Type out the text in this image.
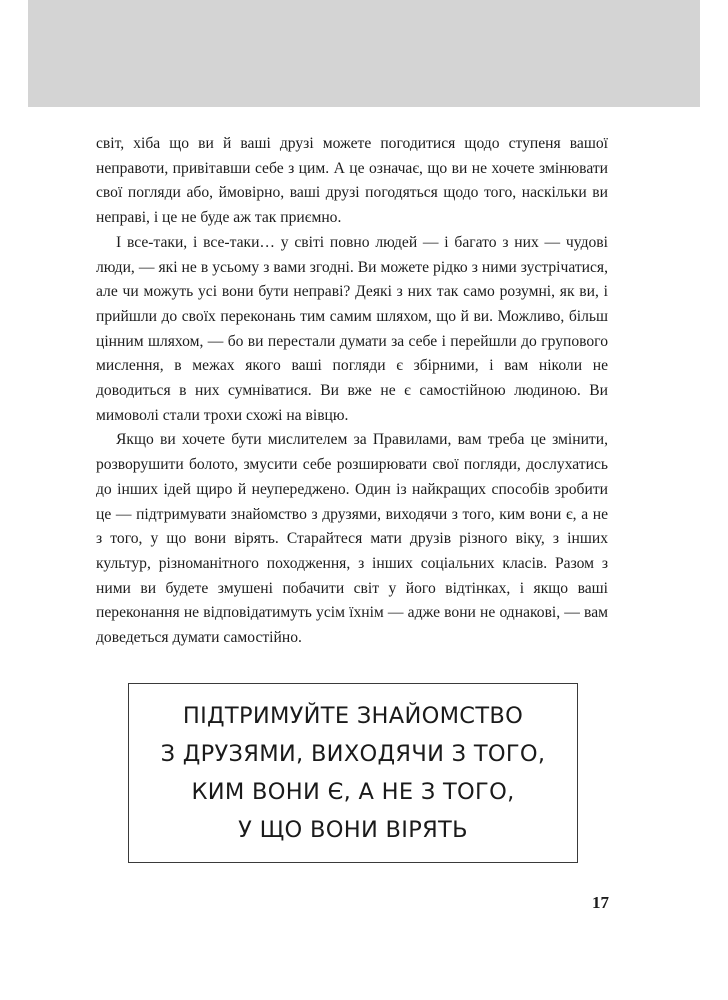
світ, хіба що ви й ваші друзі можете погодитися щодо ступеня вашої неправоти, привітавши себе з цим. А це означає, що ви не хочете змінювати свої погляди або, ймовірно, ваші друзі погодяться щодо того, наскільки ви неправі, і це не буде аж так приємно.

І все-таки, і все-таки… у світі повно людей — і багато з них — чудові люди, — які не в усьому з вами згодні. Ви можете рідко з ними зустрічатися, але чи можуть усі вони бути неправі? Деякі з них так само розумні, як ви, і прийшли до своїх переконань тим самим шляхом, що й ви. Можливо, більш цінним шляхом, — бо ви перестали думати за себе і перейшли до групового мислення, в межах якого ваші погляди є збірними, і вам ніколи не доводиться в них сумніватися. Ви вже не є самостійною людиною. Ви мимоволі стали трохи схожі на вівцю.

Якщо ви хочете бути мислителем за Правилами, вам треба це змінити, розворушити болото, змусити себе розширювати свої погляди, дослухатись до інших ідей щиро й неупереджено. Один із найкращих способів зробити це — підтримувати знайомство з друзями, виходячи з того, ким вони є, а не з того, у що вони вірять. Старайтеся мати друзів різного віку, з інших культур, різноманітного походження, з інших соціальних класів. Разом з ними ви будете змушені побачити світ у його відтінках, і якщо ваші переконання не відповідатимуть усім їхнім — адже вони не однакові, — вам доведеться думати самостійно.

ПІДТРИМУЙТЕ ЗНАЙОМСТВО
З ДРУЗЯМИ, ВИХОДЯЧИ З ТОГО,
КИМ ВОНИ Є, А НЕ З ТОГО,
У ЩО ВОНИ ВІРЯТЬ
17
